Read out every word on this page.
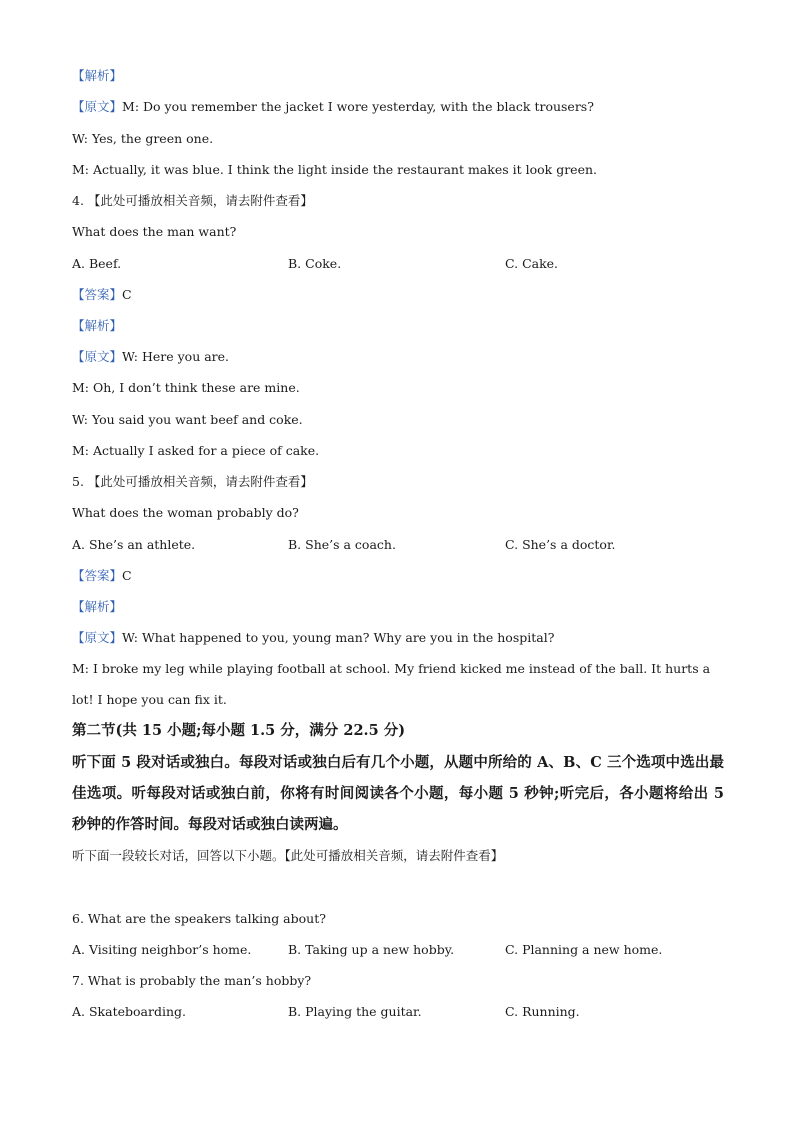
【解析】
【原文】M: Do you remember the jacket I wore yesterday, with the black trousers?
W: Yes, the green one.
M: Actually, it was blue. I think the light inside the restaurant makes it look green.
4. 【此处可播放相关音频，请去附件查看】
What does the man want?
A. Beef.	B. Coke.	C. Cake.
【答案】C
【解析】
【原文】W: Here you are.
M: Oh, I don’t think these are mine.
W: You said you want beef and coke.
M: Actually I asked for a piece of cake.
5. 【此处可播放相关音频，请去附件查看】
What does the woman probably do?
A. She’s an athlete.	B. She’s a coach.	C. She’s a doctor.
【答案】C
【解析】
【原文】W: What happened to you, young man? Why are you in the hospital?
M: I broke my leg while playing football at school. My friend kicked me instead of the ball. It hurts a lot! I hope you can fix it.
第二节(共 15 小题;每小题 1.5 分，满分 22.5 分)
听下面 5 段对话或独白。每段对话或独白后有几个小题，从题中所给的 A、B、C 三个选项中选出最佳选项。听每段对话或独白前，你将有时间阅读各个小题，每小题 5 秒钟;听完后，各小题将给出 5 秒钟的作答时间。每段对话或独白读两遍。
听下面一段较长对话，回答以下小题。【此处可播放相关音频，请去附件查看】
6. What are the speakers talking about?
A. Visiting neighbor’s home.	B. Taking up a new hobby.	C. Planning a new home.
7. What is probably the man’s hobby?
A. Skateboarding.	B. Playing the guitar.	C. Running.
